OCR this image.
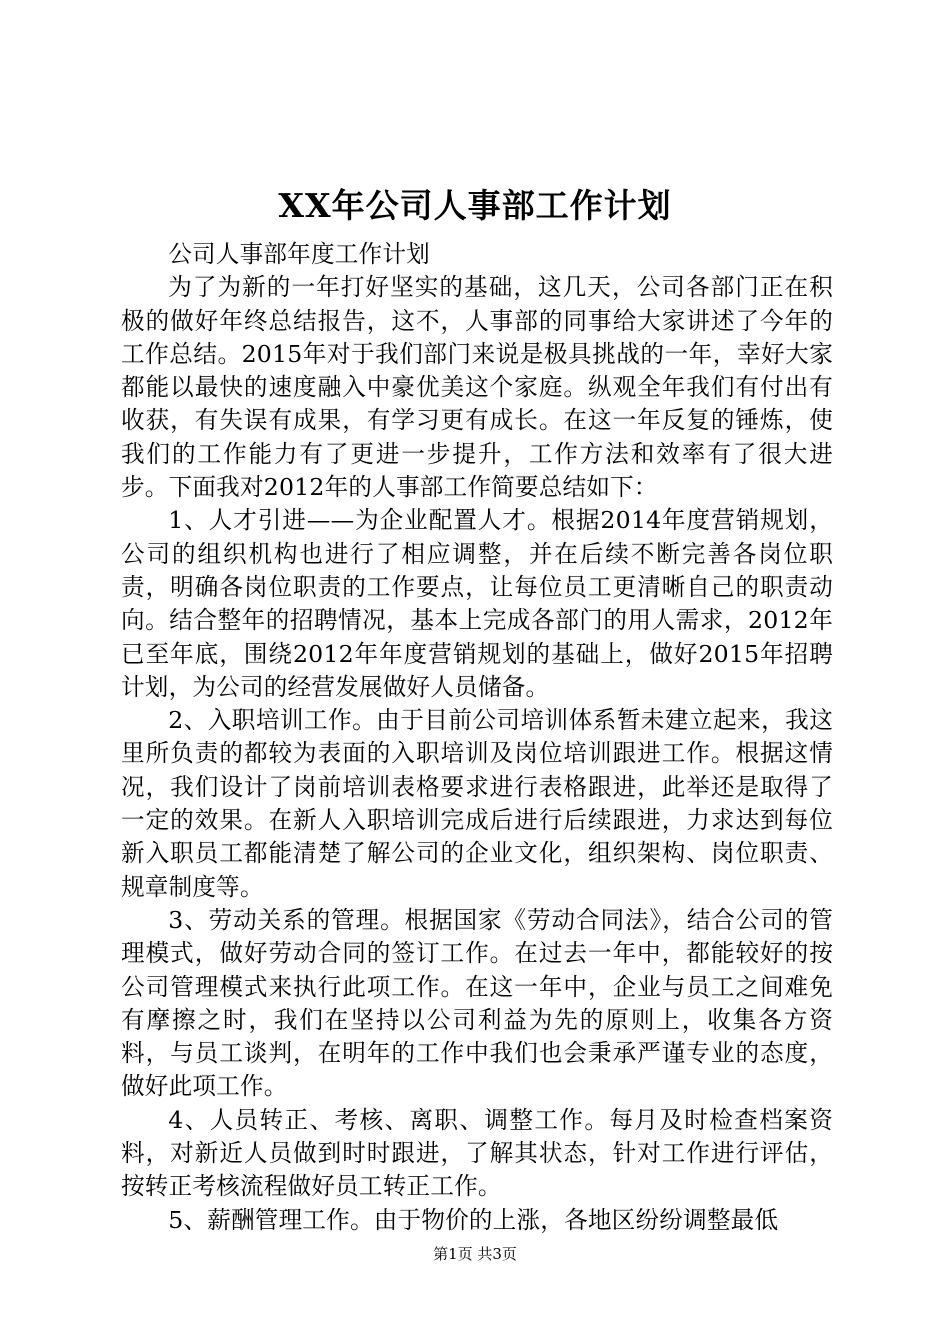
XX年公司人事部工作计划

公司人事部年度工作计划

为了为新的一年打好坚实的基础，这几天，公司各部门正在积极的做好年终总结报告，这不，人事部的同事给大家讲述了今年的工作总结。2015年对于我们部门来说是极具挑战的一年，幸好大家都能以最快的速度融入中豪优美这个家庭。纵观全年我们有付出有收获，有失误有成果，有学习更有成长。在这一年反复的锤炼，使我们的工作能力有了更进一步提升，工作方法和效率有了很大进步。下面我对2012年的人事部工作简要总结如下：

1、人才引进——为企业配置人才。根据2014年度营销规划，公司的组织机构也进行了相应调整，并在后续不断完善各岗位职责，明确各岗位职责的工作要点，让每位员工更清晰自己的职责动向。结合整年的招聘情况，基本上完成各部门的用人需求，2012年已至年底，围绕2012年年度营销规划的基础上，做好2015年招聘计划，为公司的经营发展做好人员储备。

2、入职培训工作。由于目前公司培训体系暂未建立起来，我这里所负责的都较为表面的入职培训及岗位培训跟进工作。根据这情况，我们设计了岗前培训表格要求进行表格跟进，此举还是取得了一定的效果。在新人入职培训完成后进行后续跟进，力求达到每位新入职员工都能清楚了解公司的企业文化，组织架构、岗位职责、规章制度等。

3、劳动关系的管理。根据国家《劳动合同法》，结合公司的管理模式，做好劳动合同的签订工作。在过去一年中，都能较好的按公司管理模式来执行此项工作。在这一年中，企业与员工之间难免有摩擦之时，我们在坚持以公司利益为先的原则上，收集各方资料，与员工谈判，在明年的工作中我们也会秉承严谨专业的态度，做好此项工作。

4、人员转正、考核、离职、调整工作。每月及时检查档案资料，对新近人员做到时时跟进，了解其状态，针对工作进行评估，按转正考核流程做好员工转正工作。

5、薪酬管理工作。由于物价的上涨，各地区纷纷调整最低

第1页 共3页
